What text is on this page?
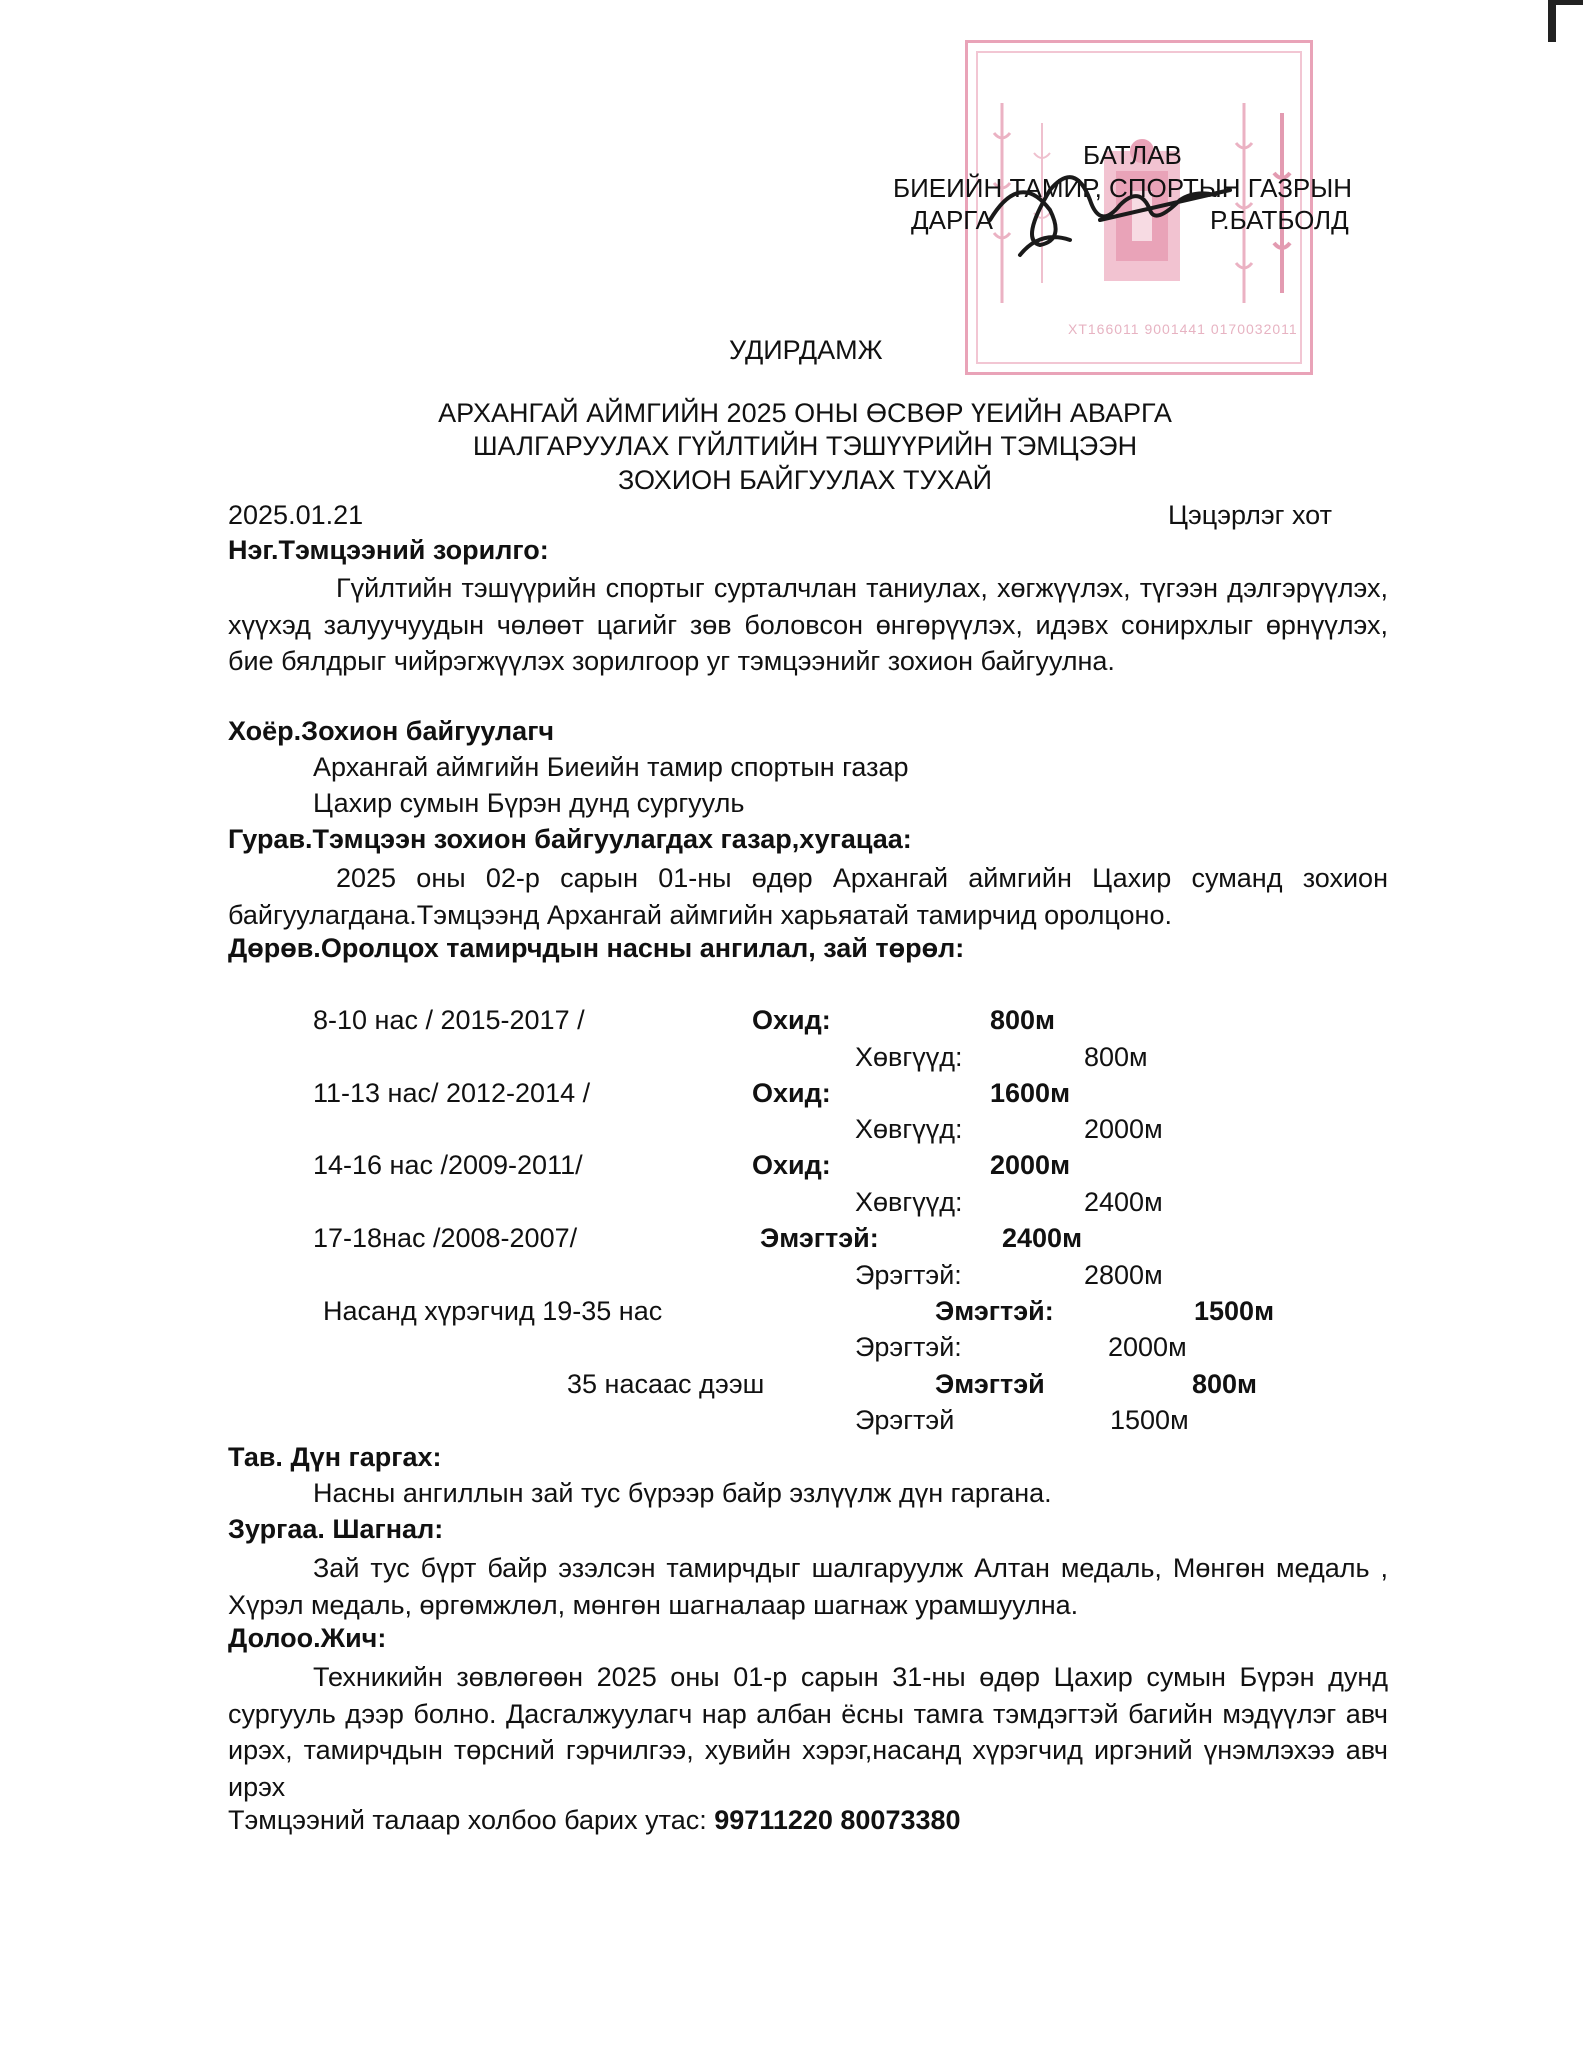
XT166011 9001441 0170032011
БАТЛАВ
БИЕИЙН ТАМИР, СПОРТЫН ГАЗРЫН
ДАРГА	Р.БАТБОЛД
УДИРДАМЖ
АРХАНГАЙ АЙМГИЙН 2025 ОНЫ ӨСВӨР ҮЕИЙН АВАРГА
ШАЛГАРУУЛАХ ГҮЙЛТИЙН ТЭШҮҮРИЙН ТЭМЦЭЭН
ЗОХИОН БАЙГУУЛАХ ТУХАЙ
2025.01.21	Цэцэрлэг хот
Нэг.Тэмцээний зорилго:
Гүйлтийн тэшүүрийн спортыг сурталчлан таниулах, хөгжүүлэх, түгээн дэлгэрүүлэх, хүүхэд залуучуудын чөлөөт цагийг зөв боловсон өнгөрүүлэх, идэвх сонирхлыг өрнүүлэх, бие бялдрыг чийрэгжүүлэх зорилгоор уг тэмцээнийг зохион байгуулна.
Хоёр.Зохион байгуулагч
Архангай аймгийн Биеийн тамир спортын газар
Цахир сумын Бүрэн дунд сургууль
Гурав.Тэмцээн зохион байгуулагдах газар,хугацаа:
2025 оны 02-р сарын 01-ны өдөр Архангай аймгийн Цахир суманд зохион байгуулагдана.Тэмцээнд Архангай аймгийн харьяатай тамирчид оролцоно.
Дөрөв.Оролцох тамирчдын насны ангилал, зай төрөл:
8-10 нас / 2015-2017 /	Охид:	800м
Хөвгүүд:	800м
11-13 нас/ 2012-2014 /	Охид:	1600м
Хөвгүүд:	2000м
14-16 нас /2009-2011/	Охид:	2000м
Хөвгүүд:	2400м
17-18нас /2008-2007/	Эмэгтэй:	2400м
Эрэгтэй:	2800м
Насанд хүрэгчид 19-35 нас	Эмэгтэй:	1500м
Эрэгтэй:	2000м
35 насаас дээш	Эмэгтэй	800м
Эрэгтэй	1500м
Тав. Дүн гаргах:
Насны ангиллын зай тус бүрээр байр эзлүүлж дүн гаргана.
Зургаа. Шагнал:
Зай тус бүрт байр эзэлсэн тамирчдыг шалгаруулж Алтан медаль, Мөнгөн медаль , Хүрэл медаль, өргөмжлөл, мөнгөн шагналаар шагнаж урамшуулна.
Долоо.Жич:
Техникийн зөвлөгөөн 2025 оны 01-р сарын 31-ны өдөр Цахир сумын Бүрэн дунд сургууль дээр болно. Дасгалжуулагч нар албан ёсны тамга тэмдэгтэй багийн мэдүүлэг авч ирэх, тамирчдын төрсний гэрчилгээ, хувийн хэрэг,насанд хүрэгчид иргэний үнэмлэхээ авч ирэх
Тэмцээний талаар холбоо барих утас: 99711220 80073380
